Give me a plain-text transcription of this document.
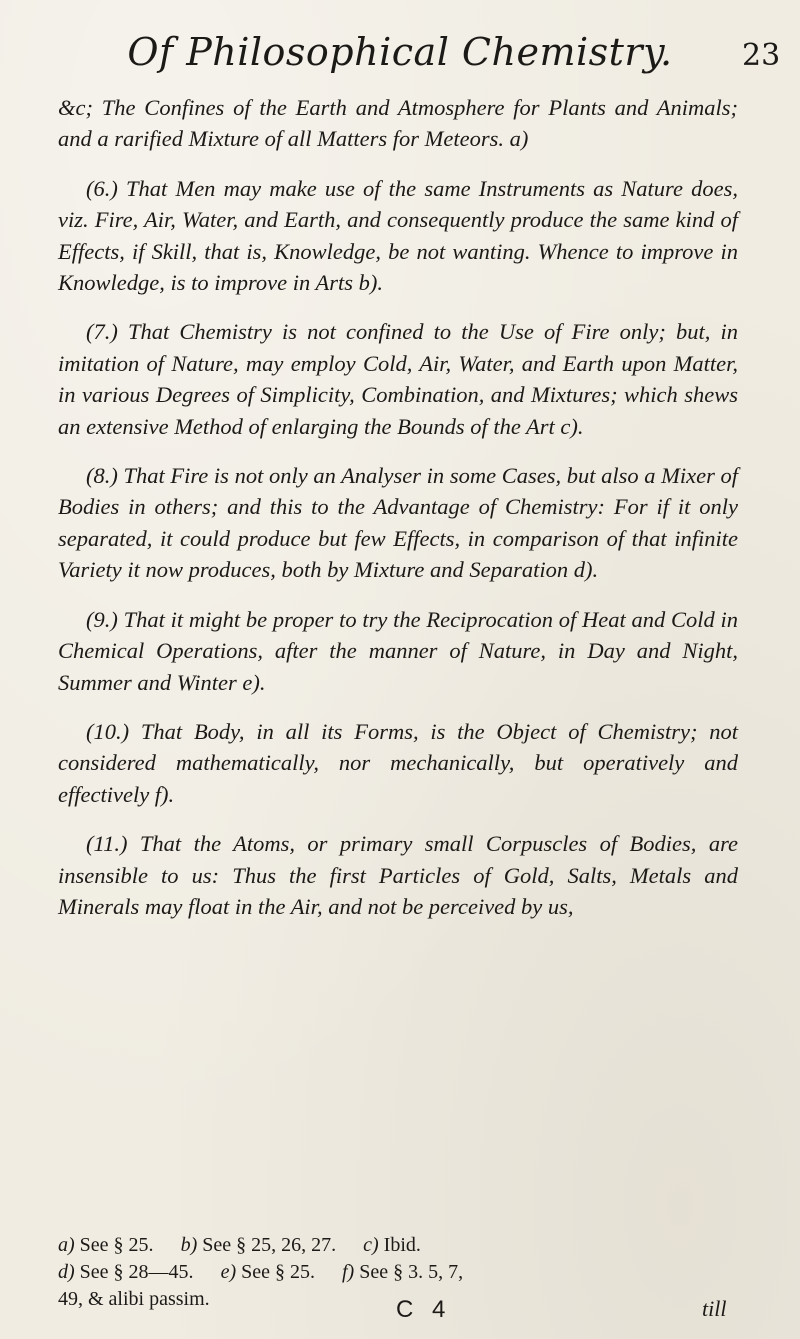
Of Philosophical Chemistry. 23

&c; The Confines of the Earth and Atmosphere for Plants and Animals; and a rarified Mixture of all Matters for Meteors. a)

(6.) That Men may make use of the same Instruments as Nature does, viz. Fire, Air, Water, and Earth, and consequently produce the same kind of Effects, if Skill, that is, Knowledge, be not wanting. Whence to improve in Knowledge, is to improve in Arts b).

(7.) That Chemistry is not confined to the Use of Fire only; but, in imitation of Nature, may employ Cold, Air, Water, and Earth upon Matter, in various Degrees of Simplicity, Combination, and Mixtures; which shews an extensive Method of enlarging the Bounds of the Art c).

(8.) That Fire is not only an Analyser in some Cases, but also a Mixer of Bodies in others; and this to the Advantage of Chemistry: For if it only separated, it could produce but few Effects, in comparison of that infinite Variety it now produces, both by Mixture and Separation d).

(9.) That it might be proper to try the Reciprocation of Heat and Cold in Chemical Operations, after the manner of Nature, in Day and Night, Summer and Winter e).

(10.) That Body, in all its Forms, is the Object of Chemistry; not considered mathematically, nor mechanically, but operatively and effectively f).

(11.) That the Atoms, or primary small Corpuscles of Bodies, are insensible to us: Thus the first Particles of Gold, Salts, Metals and Minerals may float in the Air, and not be perceived by us,

a) See § 25. b) See § 25, 26, 27. c) Ibid.
d) See § 28—45. e) See § 25. f) See § 3. 5, 7,
49, & alibi passim.	C 4	till
